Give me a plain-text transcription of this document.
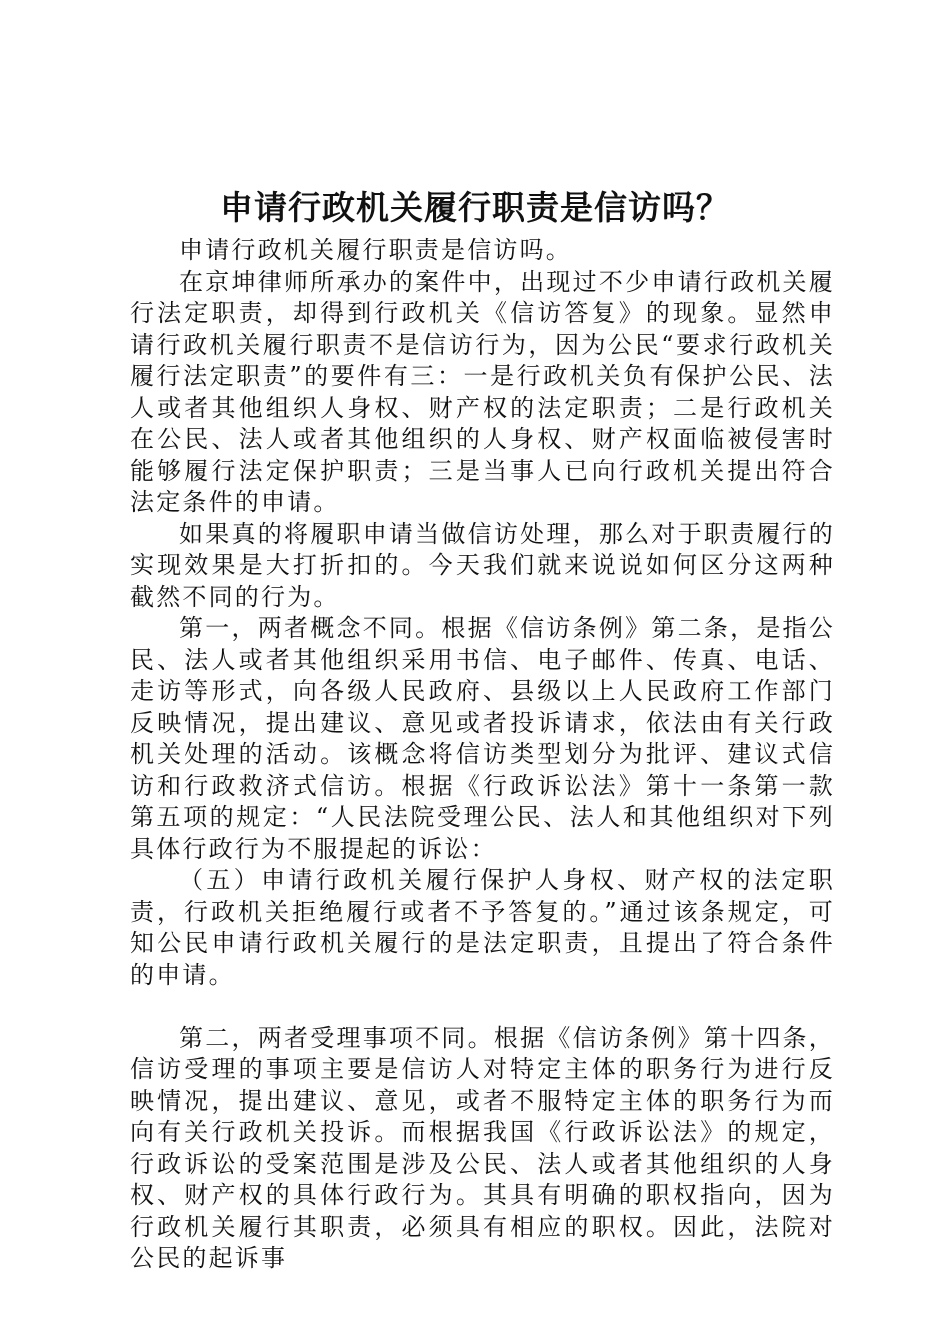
申请行政机关履行职责是信访吗？

申请行政机关履行职责是信访吗。

在京坤律师所承办的案件中，出现过不少申请行政机关履行法定职责，却得到行政机关《信访答复》的现象。显然申请行政机关履行职责不是信访行为，因为公民“要求行政机关履行法定职责”的要件有三：一是行政机关负有保护公民、法人或者其他组织人身权、财产权的法定职责；二是行政机关在公民、法人或者其他组织的人身权、财产权面临被侵害时能够履行法定保护职责；三是当事人已向行政机关提出符合法定条件的申请。

如果真的将履职申请当做信访处理，那么对于职责履行的实现效果是大打折扣的。今天我们就来说说如何区分这两种截然不同的行为。

第一，两者概念不同。根据《信访条例》第二条，是指公民、法人或者其他组织采用书信、电子邮件、传真、电话、走访等形式，向各级人民政府、县级以上人民政府工作部门反映情况，提出建议、意见或者投诉请求，依法由有关行政机关处理的活动。该概念将信访类型划分为批评、建议式信访和行政救济式信访。根据《行政诉讼法》第十一条第一款第五项的规定：“人民法院受理公民、法人和其他组织对下列具体行政行为不服提起的诉讼：

（五）申请行政机关履行保护人身权、财产权的法定职责，行政机关拒绝履行或者不予答复的。”通过该条规定，可知公民申请行政机关履行的是法定职责，且提出了符合条件的申请。

第二，两者受理事项不同。根据《信访条例》第十四条，信访受理的事项主要是信访人对特定主体的职务行为进行反映情况，提出建议、意见，或者不服特定主体的职务行为而向有关行政机关投诉。而根据我国《行政诉讼法》的规定，行政诉讼的受案范围是涉及公民、法人或者其他组织的人身权、财产权的具体行政行为。其具有明确的职权指向，因为行政机关履行其职责，必须具有相应的职权。因此，法院对公民的起诉事
